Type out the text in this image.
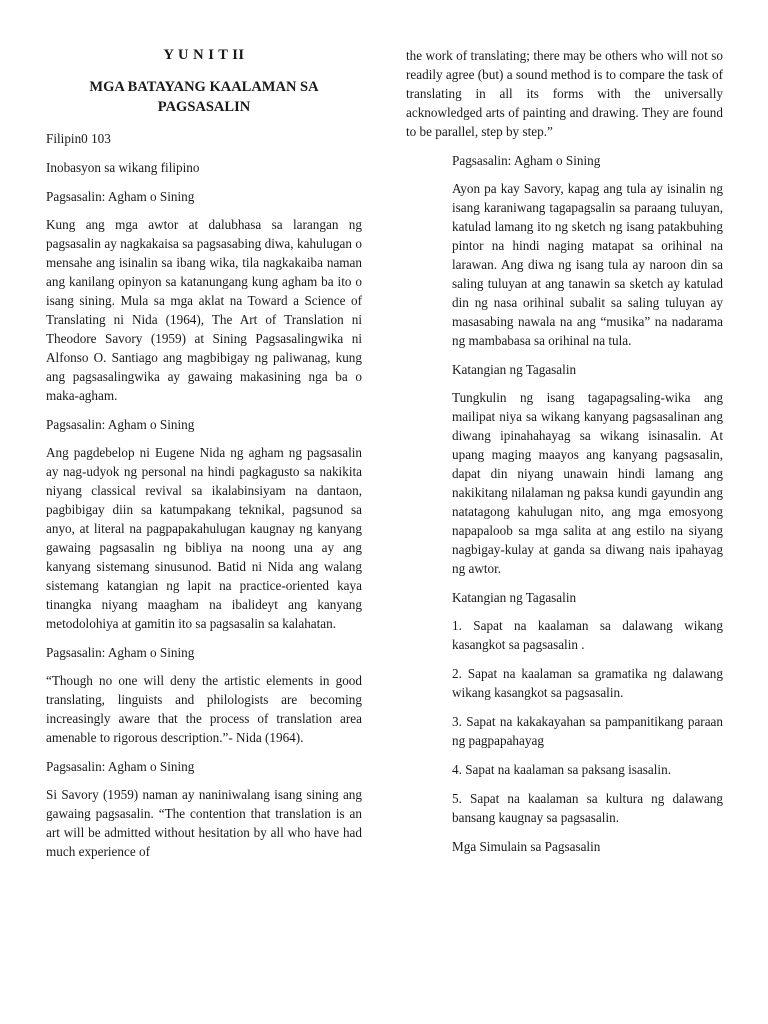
Y U N I T II
MGA BATAYANG KAALAMAN SA PAGSASALIN

Filipin0 103

Inobasyon sa wikang filipino

Pagsasalin: Agham o Sining

Kung ang mga awtor at dalubhasa sa larangan ng pagsasalin ay nagkakaisa sa pagsasabing diwa, kahulugan o mensahe ang isinalin sa ibang wika, tila nagkakaiba naman ang kanilang opinyon sa katanungang kung agham ba ito o isang sining. Mula sa mga aklat na Toward a Science of Translating ni Nida (1964), The Art of Translation ni Theodore Savory (1959) at Sining Pagsasalingwika ni Alfonso O. Santiago ang magbibigay ng paliwanag, kung ang pagsasalingwika ay gawaing makasining nga ba o maka-agham.

Pagsasalin: Agham o Sining

Ang pagdebelop ni Eugene Nida ng agham ng pagsasalin ay nag-udyok ng personal na hindi pagkagusto sa nakikita niyang classical revival sa ikalabinsiyam na dantaon, pagbibigay diin sa katumpakang teknikal, pagsunod sa anyo, at literal na pagpapakahulugan kaugnay ng kanyang gawaing pagsasalin ng bibliya na noong una ay ang kanyang sistemang sinusunod. Batid ni Nida ang walang sistemang katangian ng lapit na practice-oriented kaya tinangka niyang maagham na ibalideyt ang kanyang metodolohiya at gamitin ito sa pagsasalin sa kalahatan.

Pagsasalin: Agham o Sining

“Though no one will deny the artistic elements in good translating, linguists and philologists are becoming increasingly aware that the process of translation area amenable to rigorous description.”- Nida (1964).

Pagsasalin: Agham o Sining

Si Savory (1959) naman ay naniniwalang isang sining ang gawaing pagsasalin. “The contention that translation is an art will be admitted without hesitation by all who have had much experience of

the work of translating; there may be others who will not so readily agree (but) a sound method is to compare the task of translating in all its forms with the universally acknowledged arts of painting and drawing. They are found to be parallel, step by step.”

Pagsasalin: Agham o Sining

Ayon pa kay Savory, kapag ang tula ay isinalin ng isang karaniwang tagapagsalin sa paraang tuluyan, katulad lamang ito ng sketch ng isang patakbuhing pintor na hindi naging matapat sa orihinal na larawan. Ang diwa ng isang tula ay naroon din sa saling tuluyan at ang tanawin sa sketch ay katulad din ng nasa orihinal subalit sa saling tuluyan ay masasabing nawala na ang “musika” na nadarama ng mambabasa sa orihinal na tula.

Katangian ng Tagasalin

Tungkulin ng isang tagapagsaling-wika ang mailipat niya sa wikang kanyang pagsasalinan ang diwang ipinahahayag sa wikang isinasalin. At upang maging maayos ang kanyang pagsasalin, dapat din niyang unawain hindi lamang ang nakikitang nilalaman ng paksa kundi gayundin ang natatagong kahulugan nito, ang mga emosyong napapaloob sa mga salita at ang estilo na siyang nagbigay-kulay at ganda sa diwang nais ipahayag ng awtor.

Katangian ng Tagasalin

1. Sapat na kaalaman sa dalawang wikang kasangkot sa pagsasalin .

2. Sapat na kaalaman sa gramatika ng dalawang wikang kasangkot sa pagsasalin.

3. Sapat na kakakayahan sa pampanitikang paraan ng pagpapahayag

4. Sapat na kaalaman sa paksang isasalin.

5. Sapat na kaalaman sa kultura ng dalawang bansang kaugnay sa pagsasalin.

Mga Simulain sa Pagsasalin
